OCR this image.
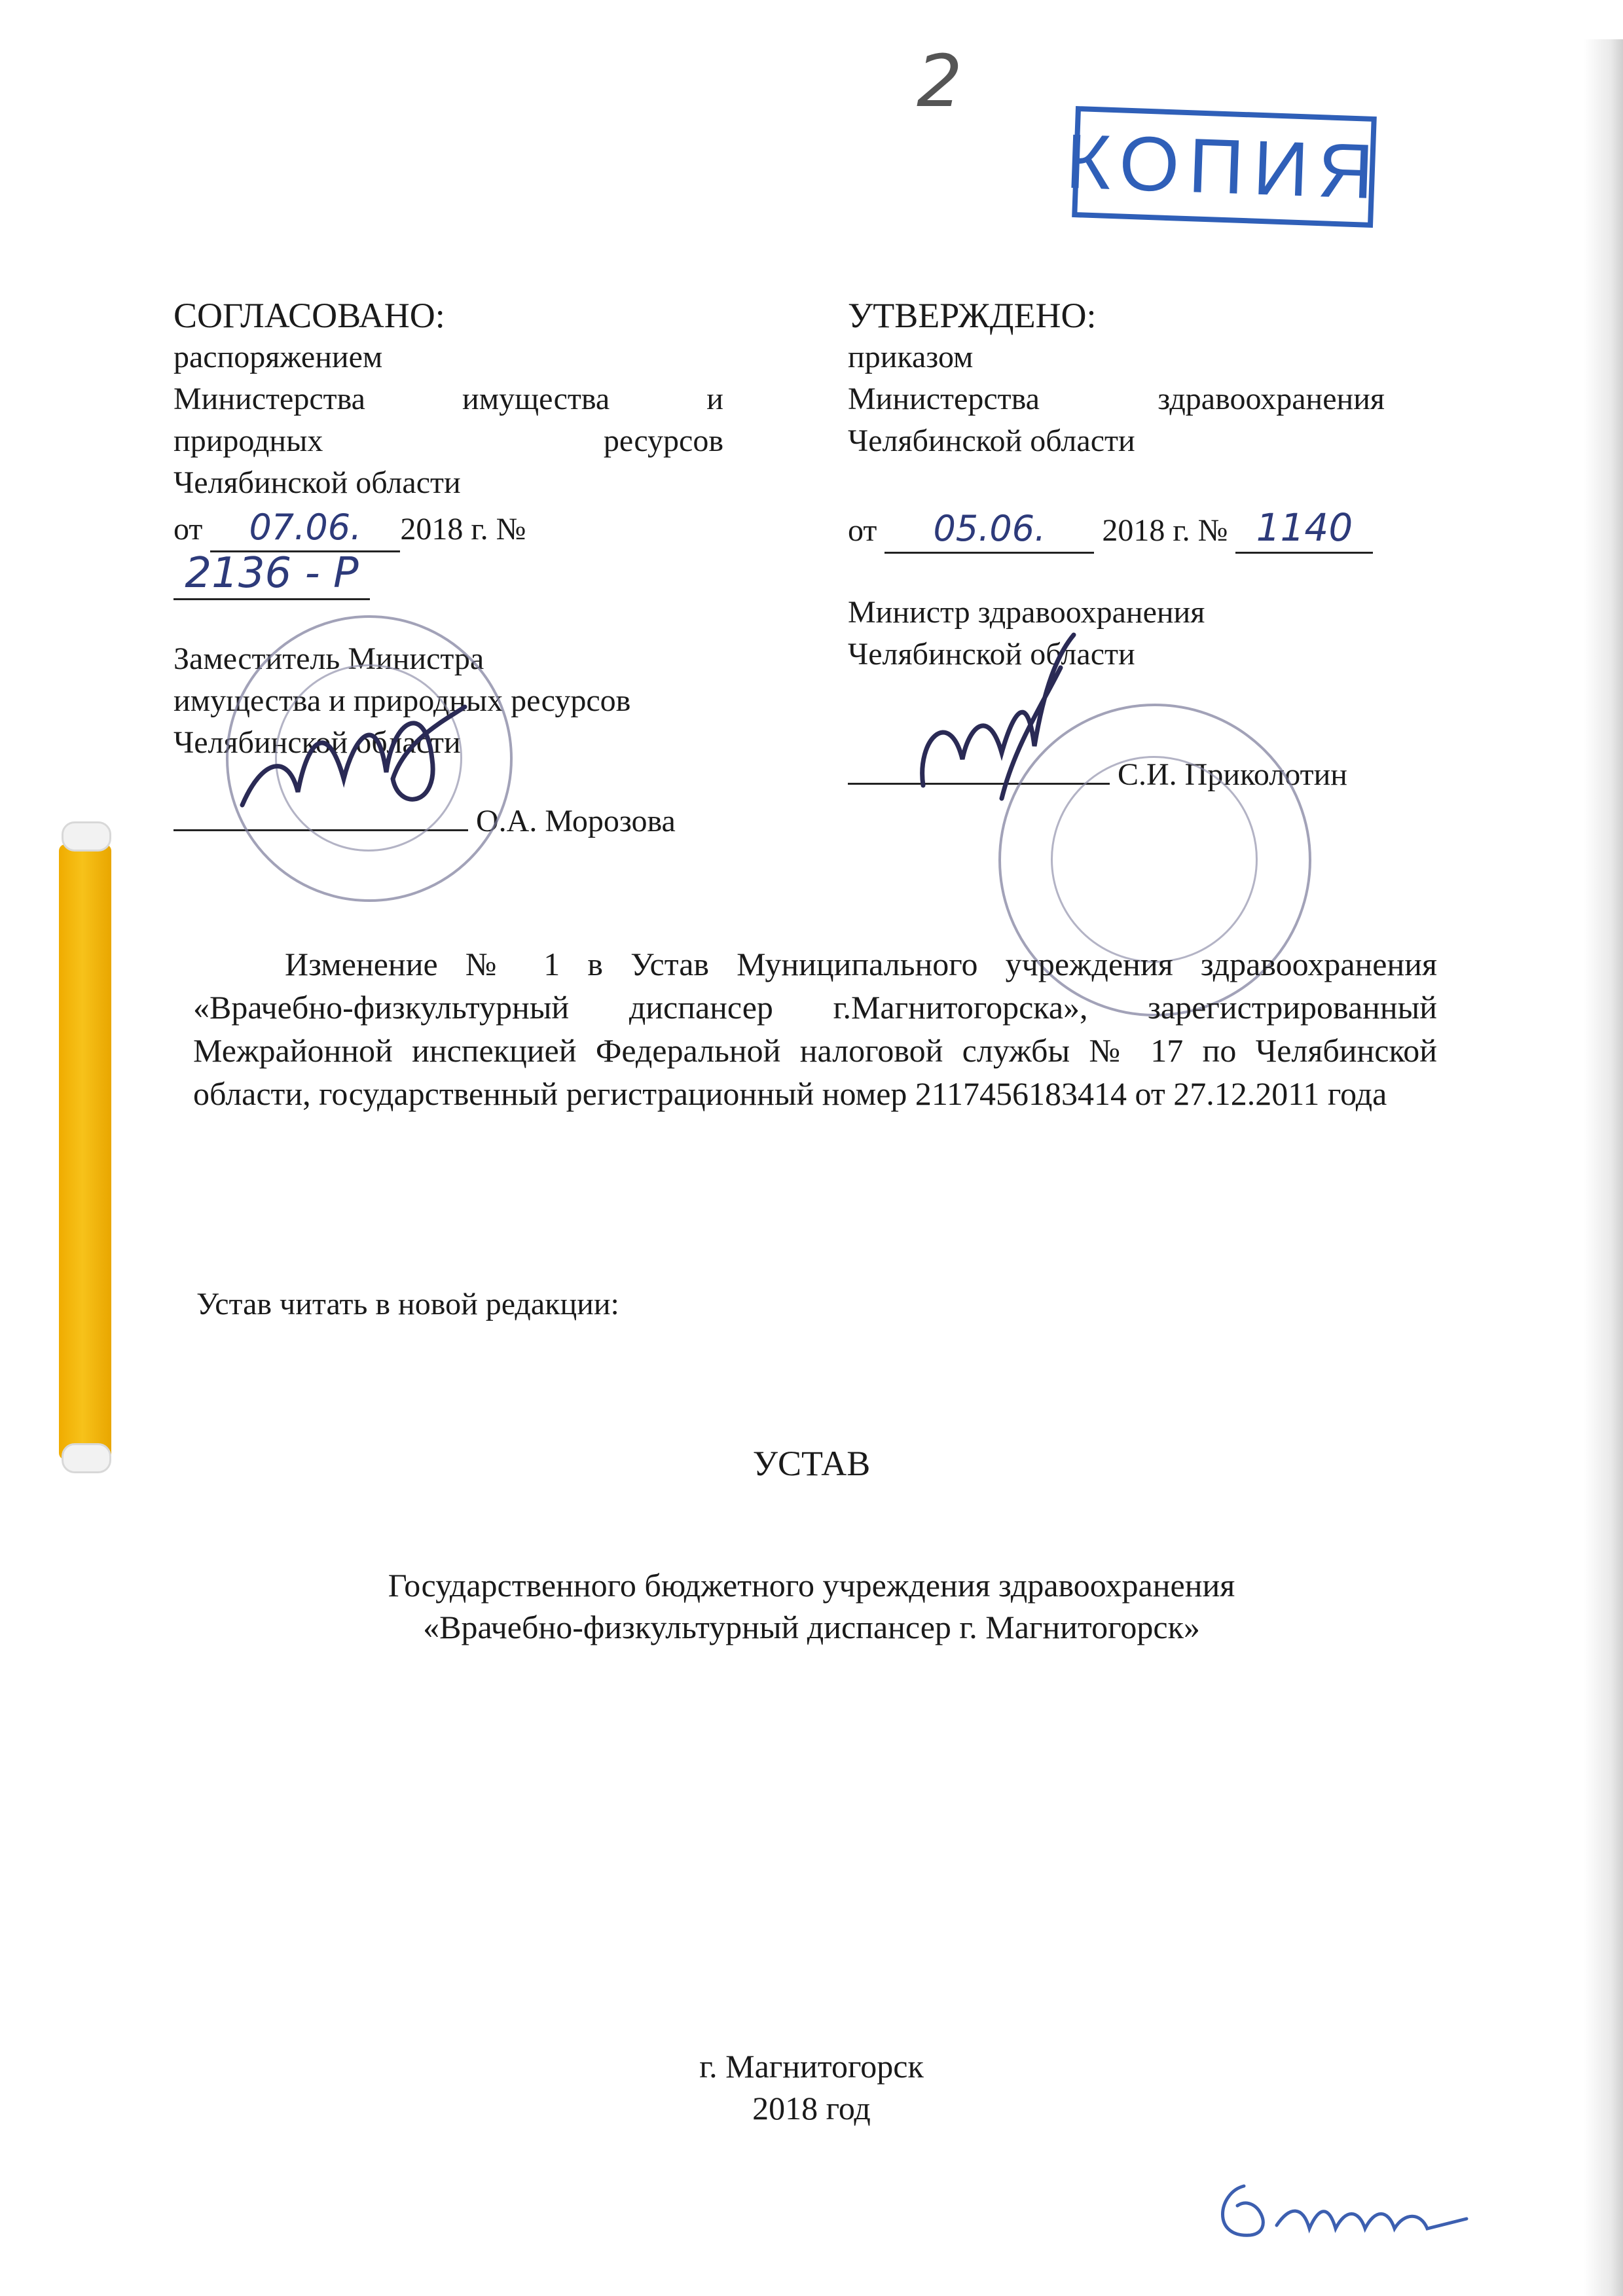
2
КОПИЯ
СОГЛАСОВАНО:
распоряжением
Министерства имущества и
природных ресурсов
Челябинской области
от 07.06. 2018 г. № 2136 - Р
Заместитель Министра
имущества и природных ресурсов
Челябинской области
О.А. Морозова
УТВЕРЖДЕНО:
приказом
Министерства здравоохранения
Челябинской области
от 05.06. 2018 г. № 1140
Министр здравоохранения
Челябинской области
С.И. Приколотин
Изменение № 1 в Устав Муниципального учреждения здравоохранения «Врачебно-физкультурный диспансер г.Магнитогорска», зарегистрированный Межрайонной инспекцией Федеральной налоговой службы № 17 по Челябинской области, государственный регистрационный номер 2117456183414 от 27.12.2011 года
Устав читать в новой редакции:
УСТАВ
Государственного бюджетного учреждения здравоохранения
«Врачебно-физкультурный диспансер г. Магнитогорск»
г. Магнитогорск
2018 год
